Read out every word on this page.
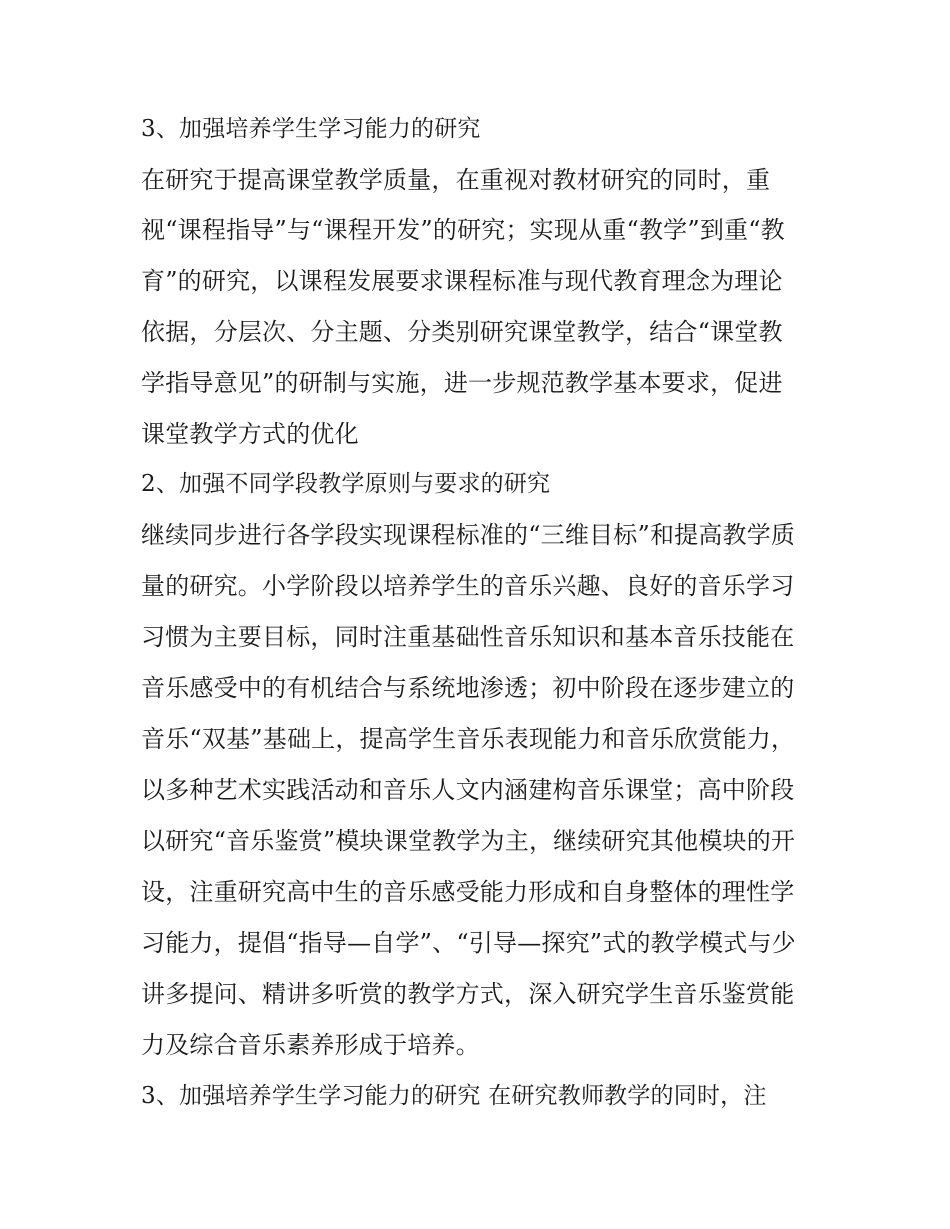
3、加强培养学生学习能力的研究
在研究于提高课堂教学质量，在重视对教材研究的同时，重
视“课程指导”与“课程开发”的研究；实现从重“教学”到重“教
育”的研究，以课程发展要求课程标准与现代教育理念为理论
依据，分层次、分主题、分类别研究课堂教学，结合“课堂教
学指导意见”的研制与实施，进一步规范教学基本要求，促进
课堂教学方式的优化
2、加强不同学段教学原则与要求的研究
继续同步进行各学段实现课程标准的“三维目标”和提高教学质
量的研究。小学阶段以培养学生的音乐兴趣、良好的音乐学习
习惯为主要目标，同时注重基础性音乐知识和基本音乐技能在
音乐感受中的有机结合与系统地渗透；初中阶段在逐步建立的
音乐“双基”基础上，提高学生音乐表现能力和音乐欣赏能力，
以多种艺术实践活动和音乐人文内涵建构音乐课堂；高中阶段
以研究“音乐鉴赏”模块课堂教学为主，继续研究其他模块的开
设，注重研究高中生的音乐感受能力形成和自身整体的理性学
习能力，提倡“指导—自学”、“引导—探究”式的教学模式与少
讲多提问、精讲多听赏的教学方式，深入研究学生音乐鉴赏能
力及综合音乐素养形成于培养。
3、加强培养学生学习能力的研究 在研究教师教学的同时，注
